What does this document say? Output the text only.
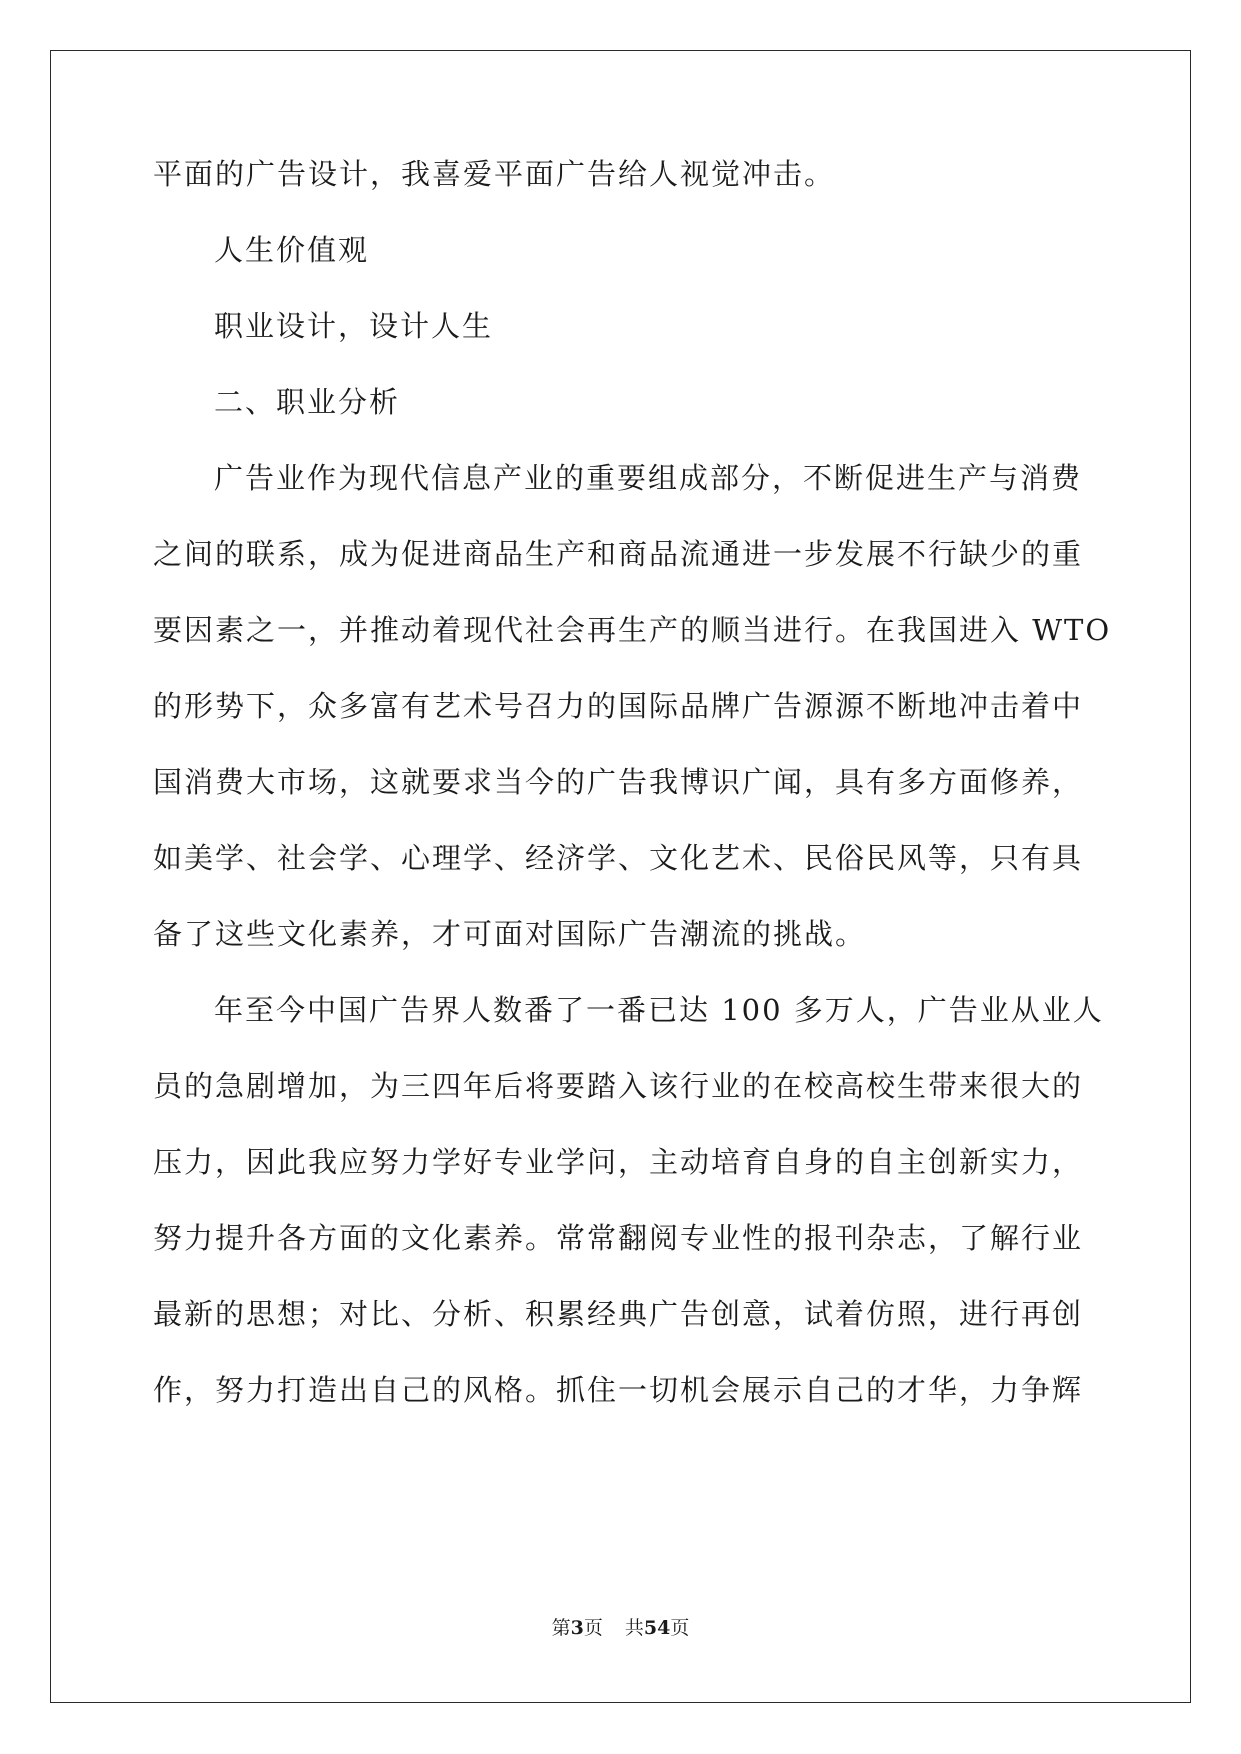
平面的广告设计，我喜爱平面广告给人视觉冲击。
人生价值观
职业设计，设计人生
二、职业分析
广告业作为现代信息产业的重要组成部分，不断促进生产与消费
之间的联系，成为促进商品生产和商品流通进一步发展不行缺少的重
要因素之一，并推动着现代社会再生产的顺当进行。在我国进入 WTO
的形势下，众多富有艺术号召力的国际品牌广告源源不断地冲击着中
国消费大市场，这就要求当今的广告我博识广闻，具有多方面修养，
如美学、社会学、心理学、经济学、文化艺术、民俗民风等，只有具
备了这些文化素养，才可面对国际广告潮流的挑战。
年至今中国广告界人数番了一番已达 100 多万人，广告业从业人
员的急剧增加，为三四年后将要踏入该行业的在校高校生带来很大的
压力，因此我应努力学好专业学问，主动培育自身的自主创新实力，
努力提升各方面的文化素养。常常翻阅专业性的报刊杂志，了解行业
最新的思想；对比、分析、积累经典广告创意，试着仿照，进行再创
作，努力打造出自己的风格。抓住一切机会展示自己的才华，力争辉
第3页 共54页
